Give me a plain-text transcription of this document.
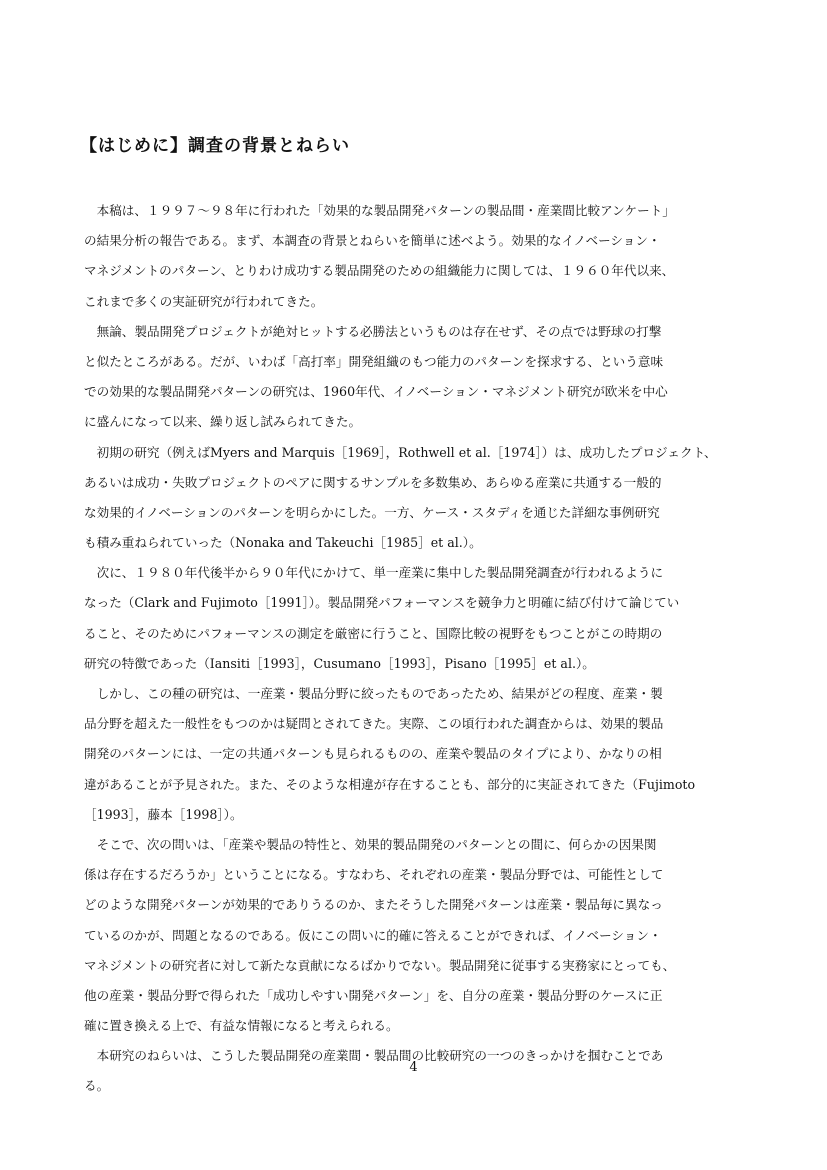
【はじめに】調査の背景とねらい
　本稿は、１９９７〜９８年に行われた「効果的な製品開発パターンの製品間・産業間比較アンケート」
の結果分析の報告である。まず、本調査の背景とねらいを簡単に述べよう。効果的なイノベーション・
マネジメントのパターン、とりわけ成功する製品開発のための組織能力に関しては、１９６０年代以来、
これまで多くの実証研究が行われてきた。
　無論、製品開発プロジェクトが絶対ヒットする必勝法というものは存在せず、その点では野球の打撃
と似たところがある。だが、いわば「高打率」開発組織のもつ能力のパターンを探求する、という意味
での効果的な製品開発パターンの研究は、1960年代、イノベーション・マネジメント研究が欧米を中心
に盛んになって以来、繰り返し試みられてきた。
　初期の研究（例えばMyers and Marquis［1969］，Rothwell et al.［1974］）は、成功したプロジェクト、
あるいは成功・失敗プロジェクトのペアに関するサンプルを多数集め、あらゆる産業に共通する一般的
な効果的イノベーションのパターンを明らかにした。一方、ケース・スタディを通じた詳細な事例研究
も積み重ねられていった（Nonaka and Takeuchi［1985］et al.）。
　次に、１９８０年代後半から９０年代にかけて、単一産業に集中した製品開発調査が行われるように
なった（Clark and Fujimoto［1991］）。製品開発パフォーマンスを競争力と明確に結び付けて論じてい
ること、そのためにパフォーマンスの測定を厳密に行うこと、国際比較の視野をもつことがこの時期の
研究の特徴であった（Iansiti［1993］，Cusumano［1993］，Pisano［1995］et al.）。
　しかし、この種の研究は、一産業・製品分野に絞ったものであったため、結果がどの程度、産業・製
品分野を超えた一般性をもつのかは疑問とされてきた。実際、この頃行われた調査からは、効果的製品
開発のパターンには、一定の共通パターンも見られるものの、産業や製品のタイプにより、かなりの相
違があることが予見された。また、そのような相違が存在することも、部分的に実証されてきた（Fujimoto
［1993］，藤本［1998］）。
　そこで、次の問いは、「産業や製品の特性と、効果的製品開発のパターンとの間に、何らかの因果関
係は存在するだろうか」ということになる。すなわち、それぞれの産業・製品分野では、可能性として
どのような開発パターンが効果的でありうるのか、またそうした開発パターンは産業・製品毎に異なっ
ているのかが、問題となるのである。仮にこの問いに的確に答えることができれば、イノベーション・
マネジメントの研究者に対して新たな貢献になるばかりでない。製品開発に従事する実務家にとっても、
他の産業・製品分野で得られた「成功しやすい開発パターン」を、自分の産業・製品分野のケースに正
確に置き換える上で、有益な情報になると考えられる。
　本研究のねらいは、こうした製品開発の産業間・製品間の比較研究の一つのきっかけを掴むことであ
る。
4
